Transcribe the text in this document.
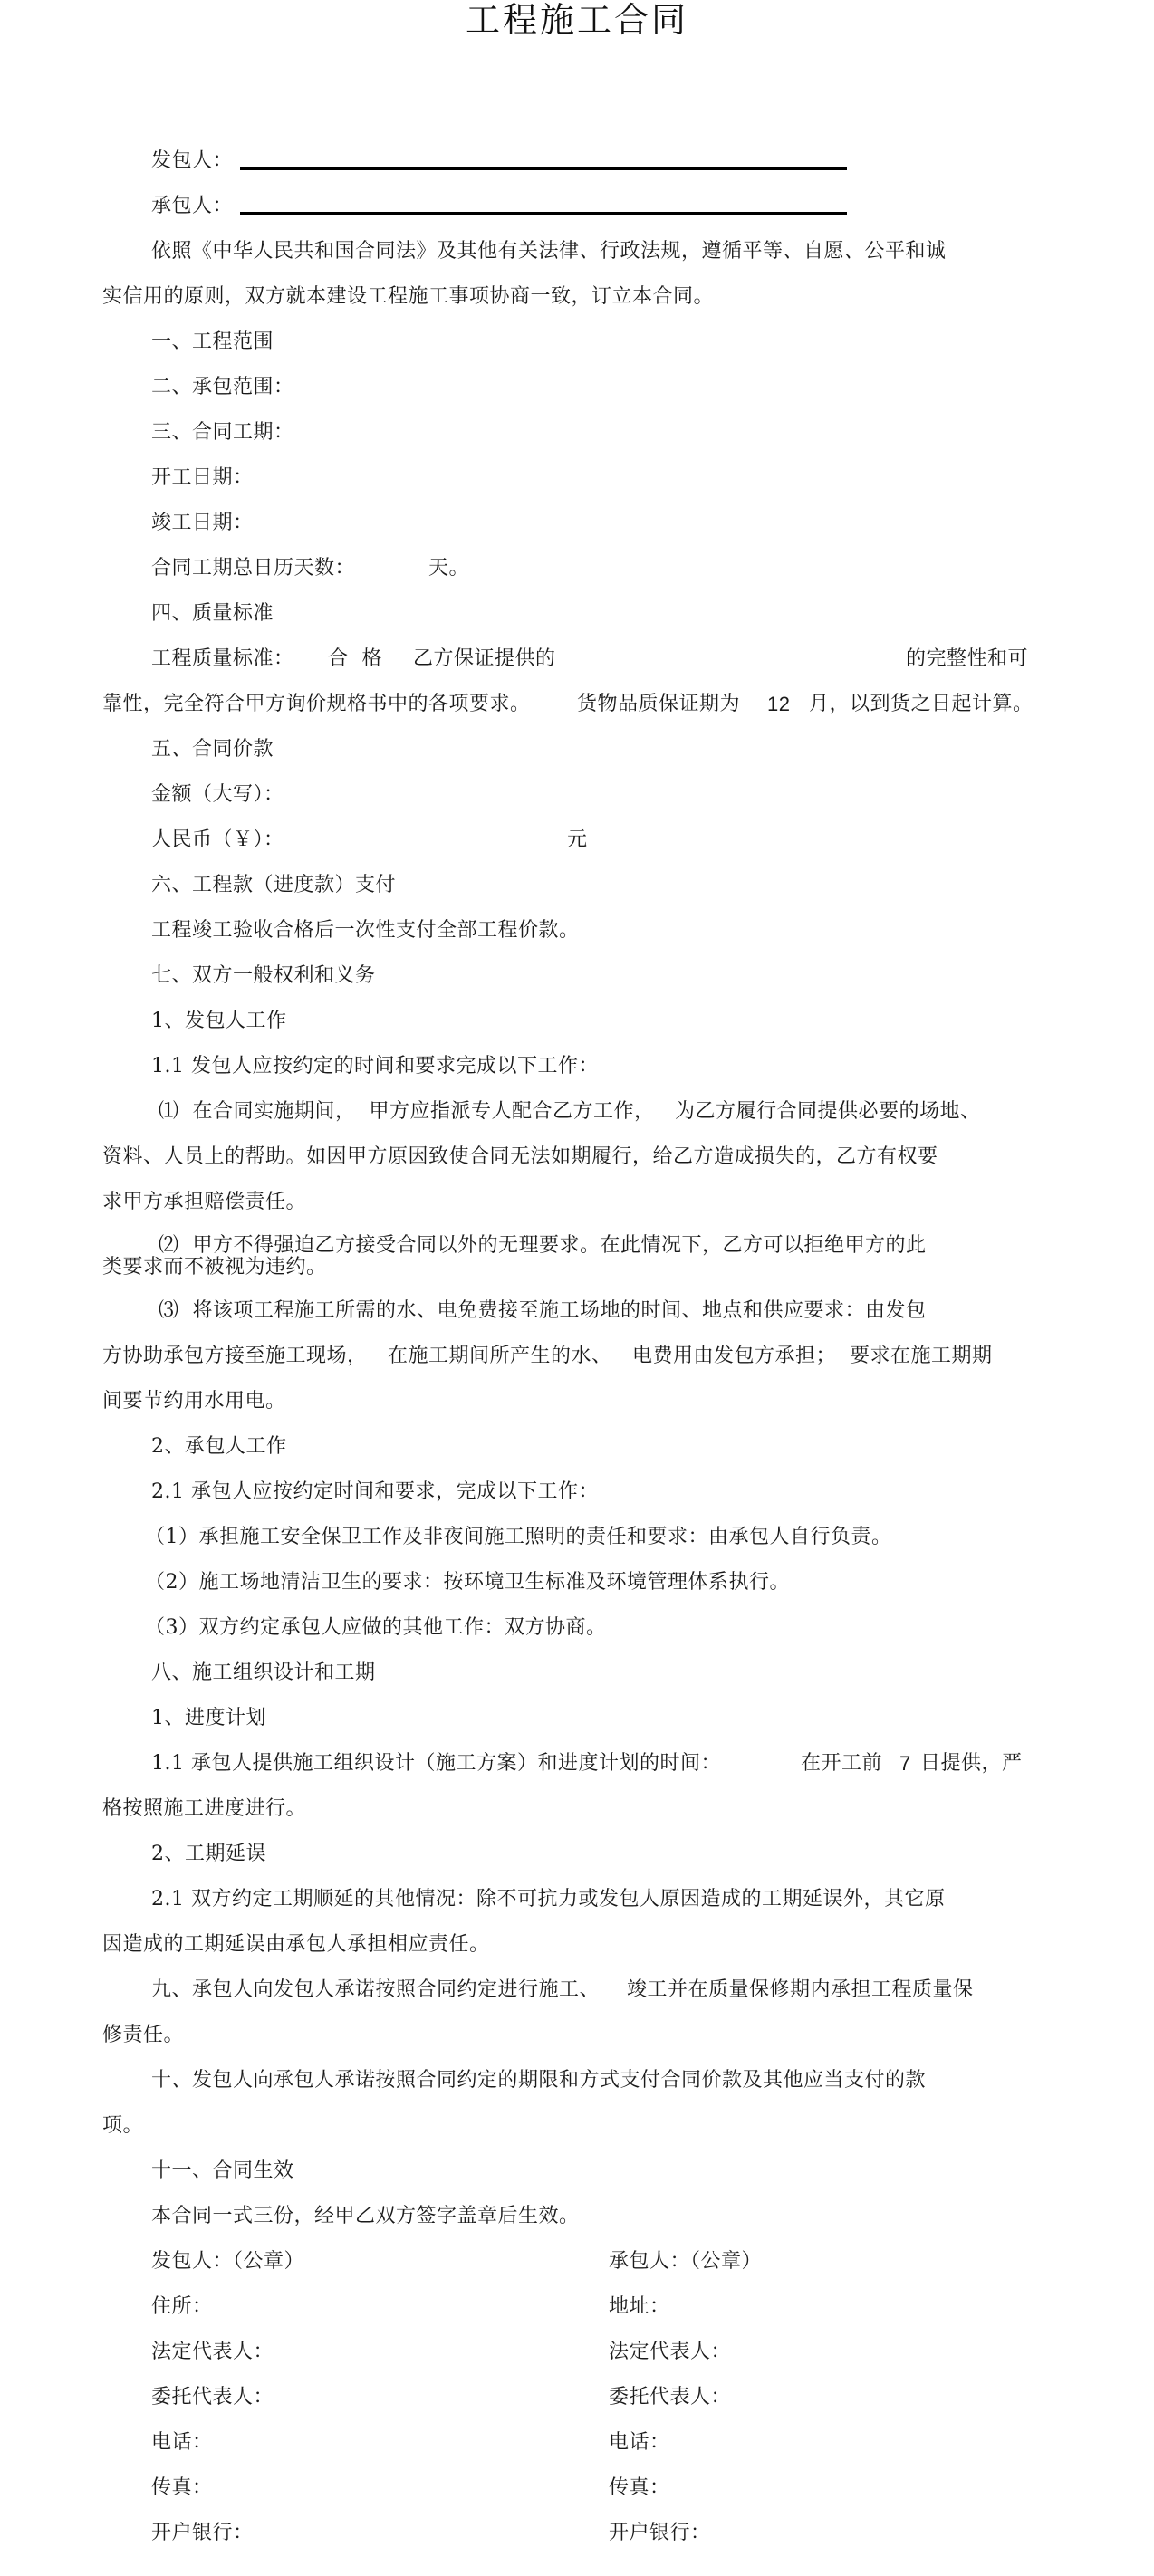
工程施工合同
发包人：
承包人：
依照《中华人民共和国合同法》及其他有关法律、行政法规，遵循平等、自愿、公平和诚
实信用的原则，双方就本建设工程施工事项协商一致，订立本合同。
一、工程范围
二、承包范围：
三、合同工期：
开工日期：
竣工日期：
合同工期总日历天数：	天。
四、质量标准
工程质量标准： 合  格 乙方保证提供的	的完整性和可
靠性，完全符合甲方询价规格书中的各项要求。 货物品质保证期为 12 月，以到货之日起计算。
五、合同价款
金额（大写）：
人民币（￥）：	元
六、工程款（进度款）支付
工程竣工验收合格后一次性支付全部工程价款。
七、双方一般权利和义务
1、发包人工作
1.1 发包人应按约定的时间和要求完成以下工作：
⑴  在合同实施期间，  甲方应指派专人配合乙方工作，   为乙方履行合同提供必要的场地、
资料、人员上的帮助。如因甲方原因致使合同无法如期履行，给乙方造成损失的，乙方有权要
求甲方承担赔偿责任。
⑵  甲方不得强迫乙方接受合同以外的无理要求。在此情况下，乙方可以拒绝甲方的此
类要求而不被视为违约。
⑶  将该项工程施工所需的水、电免费接至施工场地的时间、地点和供应要求：由发包
方协助承包方接至施工现场，   在施工期间所产生的水、   电费用由发包方承担；  要求在施工期期
间要节约用水用电。
2、承包人工作
2.1 承包人应按约定时间和要求，完成以下工作：
（1）承担施工安全保卫工作及非夜间施工照明的责任和要求：由承包人自行负责。
（2）施工场地清洁卫生的要求：按环境卫生标准及环境管理体系执行。
（3）双方约定承包人应做的其他工作：双方协商。
八、施工组织设计和工期
1、进度计划
1.1 承包人提供施工组织设计（施工方案）和进度计划的时间：	在开工前 7 日提供，严
格按照施工进度进行。
2、工期延误
2.1 双方约定工期顺延的其他情况：除不可抗力或发包人原因造成的工期延误外，其它原
因造成的工期延误由承包人承担相应责任。
九、承包人向发包人承诺按照合同约定进行施工、    竣工并在质量保修期内承担工程质量保
修责任。
十、发包人向承包人承诺按照合同约定的期限和方式支付合同价款及其他应当支付的款
项。
十一、合同生效
本合同一式三份，经甲乙双方签字盖章后生效。
发包人：（公章）	承包人：（公章）
住所：	地址：
法定代表人：	法定代表人：
委托代表人：	委托代表人：
电话：	电话：
传真：	传真：
开户银行：	开户银行：
